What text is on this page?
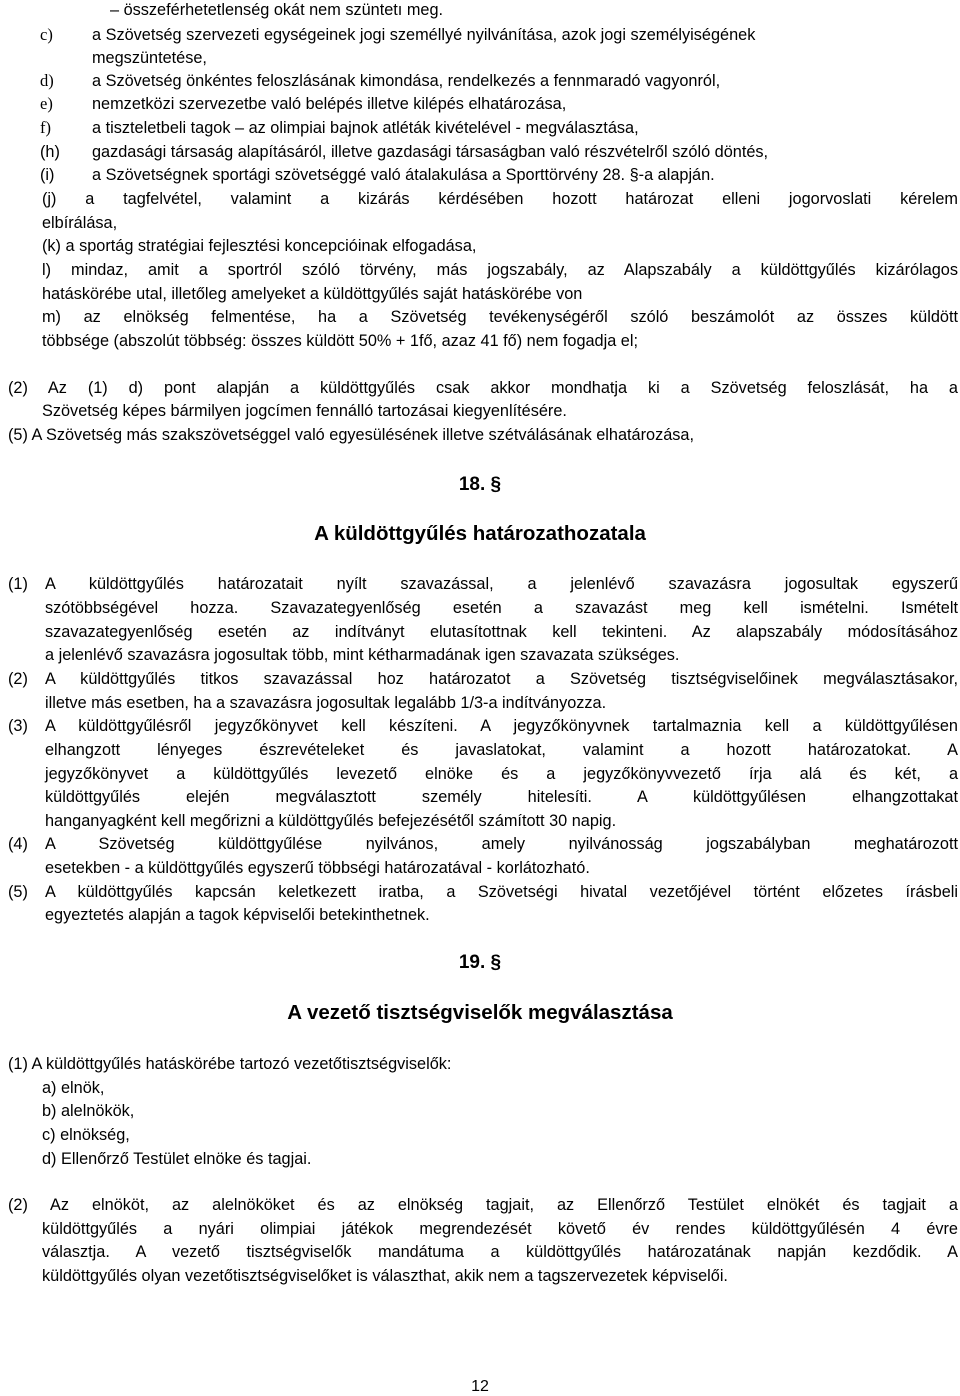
– összeférhetetlenség okát nem szüntetı meg.
c) a Szövetség szervezeti egységeinek jogi személlyé nyilvánítása, azok jogi személyiségének
megszüntetése,
d) a Szövetség önkéntes feloszlásának kimondása, rendelkezés a fennmaradó vagyonról,
e) nemzetközi szervezetbe való belépés illetve kilépés elhatározása,
f)	a tiszteletbeli tagok – az olimpiai bajnok atléták kivételével - megválasztása,
(h) gazdasági társaság alapításáról, illetve gazdasági társaságban való részvételről szóló döntés,
(i) a Szövetségnek sportági szövetséggé való átalakulása a Sporttörvény 28. §-a alapján.
(j) a tagfelvétel, valamint a kizárás kérdésében hozott határozat elleni jogorvoslati kérelem
elbírálása,
(k) a sportág stratégiai fejlesztési koncepcióinak elfogadása,
l) mindaz, amit a sportról szóló törvény, más jogszabály, az Alapszabály a küldöttgyűlés kizárólagos
hatáskörébe utal, illetőleg amelyeket a küldöttgyűlés saját hatáskörébe von
m) az elnökség felmentése, ha a Szövetség tevékenységéről szóló beszámolót az összes küldött
többsége (abszolút többség: összes küldött 50% + 1fő, azaz 41 fő) nem fogadja el;
(2) Az (1) d) pont alapján a küldöttgyűlés csak akkor mondhatja ki a Szövetség feloszlását, ha a
Szövetség képes bármilyen jogcímen fennálló tartozásai kiegyenlítésére.
(5) A Szövetség más szakszövetséggel való egyesülésének illetve szétválásának elhatározása,
18. §
A küldöttgyűlés határozathozatala
(1) A küldöttgyűlés határozatait nyílt szavazással, a jelenlévő szavazásra jogosultak egyszerű
szótöbbségével hozza. Szavazategyenlőség esetén a szavazást meg kell ismételni. Ismételt
szavazategyenlőség esetén az indítványt elutasítottnak kell tekinteni. Az alapszabály módosításához
a jelenlévő szavazásra jogosultak több, mint kétharmadának igen szavazata szükséges.
(2) A küldöttgyűlés titkos szavazással hoz határozatot a Szövetség tisztségviselőinek megválasztásakor,
illetve más esetben, ha a szavazásra jogosultak legalább 1/3-a indítványozza.
(3) A küldöttgyűlésről jegyzőkönyvet kell készíteni. A jegyzőkönyvnek tartalmaznia kell a küldöttgyűlésen
elhangzott lényeges észrevételeket és javaslatokat, valamint a hozott határozatokat. A
jegyzőkönyvet a küldöttgyűlés levezető elnöke és a jegyzőkönyvvezető írja alá és két, a
küldöttgyűlés elején megválasztott személy hitelesíti. A küldöttgyűlésen elhangzottakat
hanganyagként kell megőrizni a küldöttgyűlés befejezésétől számított 30 napig.
(4) A Szövetség küldöttgyűlése nyilvános, amely nyilvánosság jogszabályban meghatározott
esetekben - a küldöttgyűlés egyszerű többségi határozatával - korlátozható.
(5) A küldöttgyűlés kapcsán keletkezett iratba, a Szövetségi hivatal vezetőjével történt előzetes írásbeli
egyeztetés alapján a tagok képviselői betekinthetnek.
19. §
A vezető tisztségviselők megválasztása
(1) A küldöttgyűlés hatáskörébe tartozó vezetőtisztségviselők:
a) elnök,
b) alelnökök,
c) elnökség,
d) Ellenőrző Testület elnöke és tagjai.
(2) Az elnököt, az alelnököket és az elnökség tagjait, az Ellenőrző Testület elnökét és tagjait a
küldöttgyűlés a nyári olimpiai játékok megrendezését követő év rendes küldöttgyűlésén 4 évre
választja. A vezető tisztségviselők mandátuma a küldöttgyűlés határozatának napján kezdődik. A
küldöttgyűlés olyan vezetőtisztségviselőket is választhat, akik nem a tagszervezetek képviselői.
12
